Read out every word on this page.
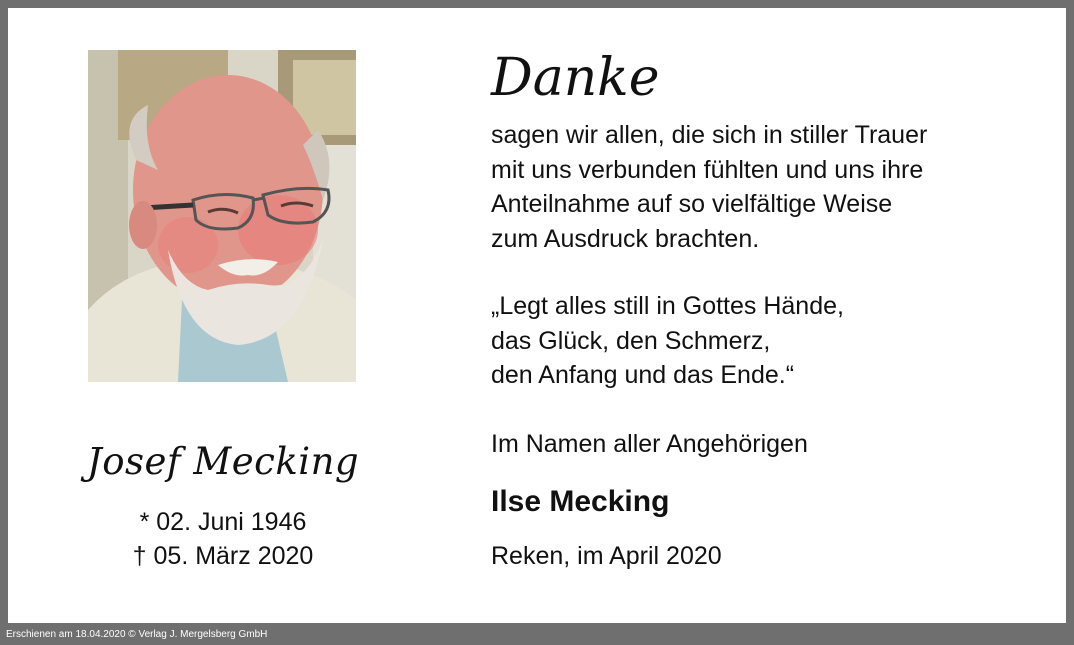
Josef Mecking
* 02. Juni 1946
† 05. März 2020
Danke
sagen wir allen, die sich in stiller Trauer
mit uns verbunden fühlten und uns ihre
Anteilnahme auf so vielfältige Weise
zum Ausdruck brachten.
„Legt alles still in Gottes Hände,
das Glück, den Schmerz,
den Anfang und das Ende.“
Im Namen aller Angehörigen
Ilse Mecking
Reken, im April 2020
Erschienen am 18.04.2020 © Verlag J. Mergelsberg GmbH
